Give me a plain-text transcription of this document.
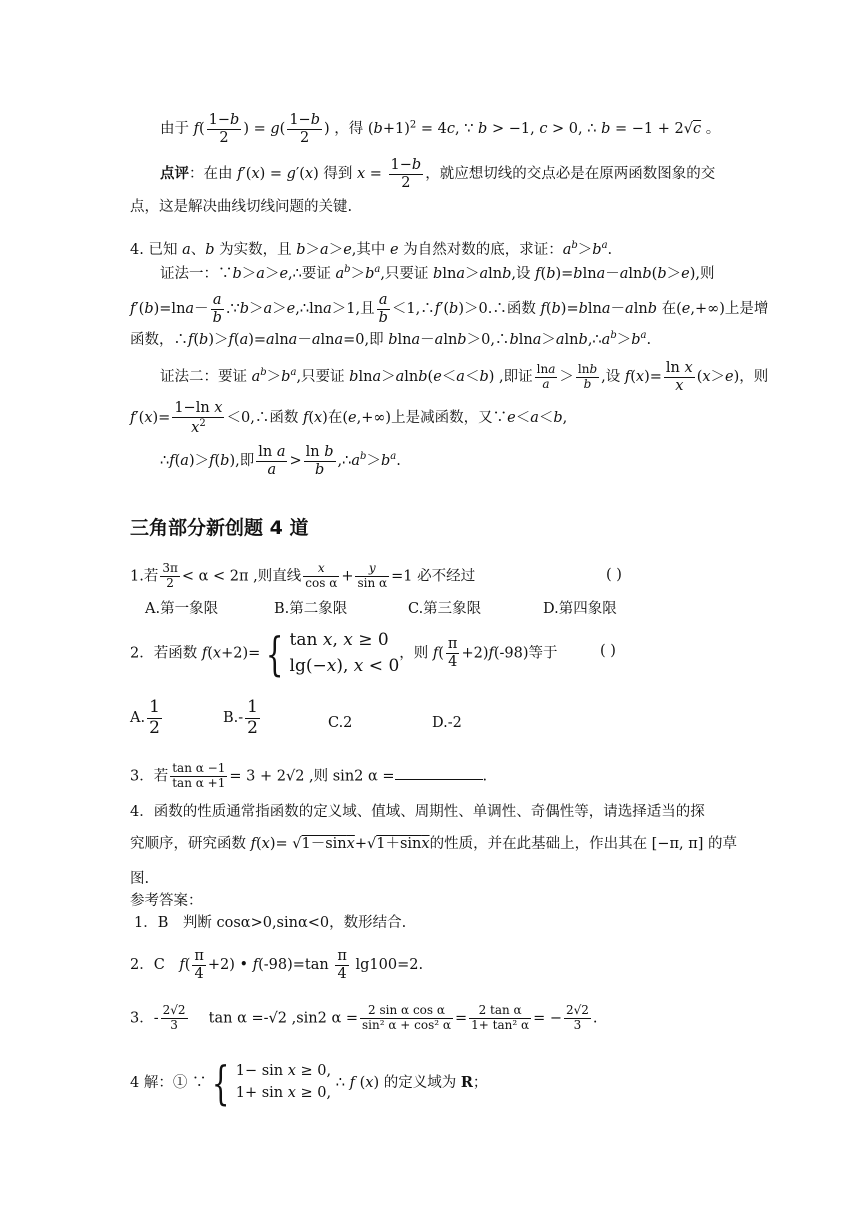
由于 $f( \frac{1-b}{2}$ ) = $g( \frac{1-b}{2}$ ) ，得 $(b+1)^2 = 4c$, ∵ b > −1, c > 0, ∴ b = −1 + 2√c 。
点评：在由 f′(x) = g′(x) 得到 $x = \frac{1-b}{2}$ ，就应想切线的交点必是在原两函数图象的交
点，这是解决曲线切线问题的关键.
4. 已知 a、b 为实数，且 b＞a＞e,其中 e 为自然对数的底，求证：$a^b>b^a$.
证法一：∵b＞a＞e,∴要证 $a^b>b^a$,只要证 blna＞alnb,设 f(b)=blna－alnb(b＞e),则
$f'(b)=\ln a- \frac{a}{b}$ .∵b＞a＞e,∴lna＞1,且 $\frac{a}{b}$ ＜1,∴f′(b)＞0.∴函数 f(b)=blna－alnb 在(e,+∞)上是增
函数，∴f(b)＞f(a)=alna－alna=0,即 $blna-alnb>0,\therefore blna>alnb,\therefore a^b>b^a$.
证法二：要证 $a^b>b^a$,只要证 blna＞alnb(e＜a＜b) ,即证 $\frac{\ln a}{a} > \frac{\ln b}{b}$ ,设 $f(x)= \frac{\text{ln x}}{x} (x>e)$，则
$f'(x)= \frac{\text{1−ln x}}{x^2}$ ＜0,∴函数 f(x)在(e,+∞)上是减函数，又∵e＜a＜b,
∴f(a)＞f(b),即 $\frac{\text{ln a}}{a} > \frac{\text{ln b}}{b}$ $,\therefore a^b>b^a$.
三角部分新创题 4 道
1.若 $\frac{3\pi}{2} < \alpha < 2\pi$ ,则直线 $\frac{x}{\text{cos α}} + \frac{y}{\text{sin α}} =1$ 必不经过	( )
A.第一象限	B.第二象限	C.第三象限	D.第四象限
2．若函数 f(x+2)= { tan x, x ≥ 0
lg(−x), x < 0
，则 $f( \frac{\pi}{4} +2)f(-98)$等于	( )
A. $\frac{1}{2}$	$B.- \frac{1}{2}$	C.2	D.-2
3．若 $\frac{\text{tan α −1}}{\text{tan α +1}} = 3 + 2√2$ ,则 sin2 α =	.
4．函数的性质通常指函数的定义域、值域、周期性、单调性、奇偶性等，请选择适当的探
究顺序，研究函数 f(x)= √1－sinx+√1＋sinx的性质，并在此基础上，作出其在 [−π, π] 的草
图.
参考答案：
1．B　判断 cosα>0,sinα<0，数形结合.
2．C　$f( \frac{\pi}{4} +2)$ • $f(-98)=\tan \frac{\pi}{4} \lg 100=2$.
3．- $\frac{2√2}{3}$ 　 tan α =-√2 ,sin2 $\alpha = \frac{\text{2 sin α cos α}}{\text{sin² α + cos² α}} = \frac{\text{2 tan α}}{\text{1+ tan² α}}$ = − $\frac{2√2}{3}$ .
4 解：① ∵ { 1− sin x ≥ 0,
1+ sin x ≥ 0,
∴ f (x) 的定义域为 R；
